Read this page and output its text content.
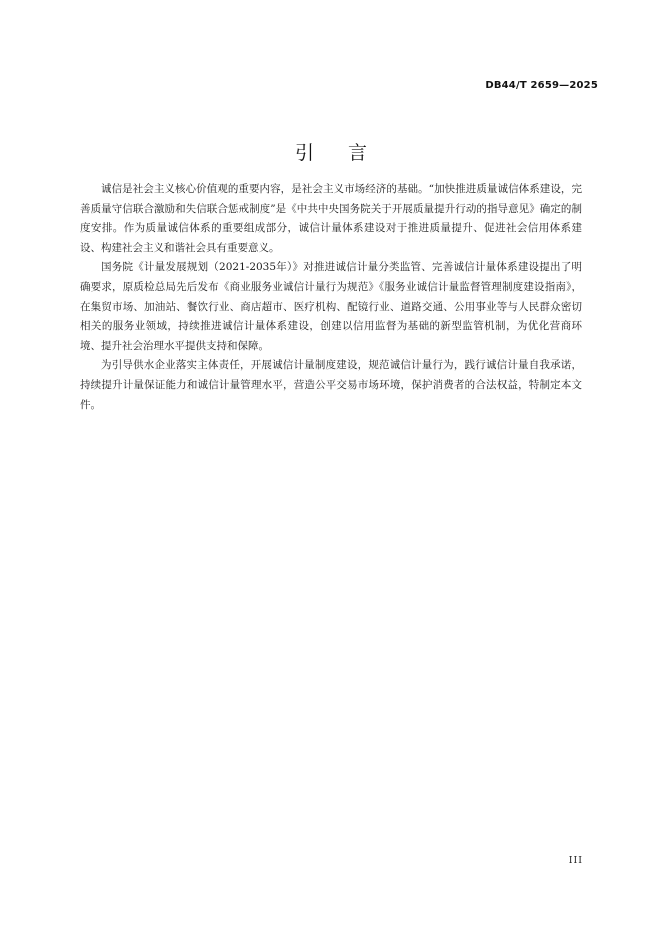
DB44/T 2659—2025
引言

诚信是社会主义核心价值观的重要内容，是社会主义市场经济的基础。“加快推进质量诚信体系建设，完善质量守信联合激励和失信联合惩戒制度”是《中共中央国务院关于开展质量提升行动的指导意见》确定的制度安排。作为质量诚信体系的重要组成部分，诚信计量体系建设对于推进质量提升、促进社会信用体系建设、构建社会主义和谐社会具有重要意义。

国务院《计量发展规划（2021-2035年）》对推进诚信计量分类监管、完善诚信计量体系建设提出了明确要求，原质检总局先后发布《商业服务业诚信计量行为规范》《服务业诚信计量监督管理制度建设指南》，在集贸市场、加油站、餐饮行业、商店超市、医疗机构、配镜行业、道路交通、公用事业等与人民群众密切相关的服务业领域，持续推进诚信计量体系建设，创建以信用监督为基础的新型监管机制，为优化营商环境、提升社会治理水平提供支持和保障。

为引导供水企业落实主体责任，开展诚信计量制度建设，规范诚信计量行为，践行诚信计量自我承诺，持续提升计量保证能力和诚信计量管理水平，营造公平交易市场环境，保护消费者的合法权益，特制定本文件。

III
